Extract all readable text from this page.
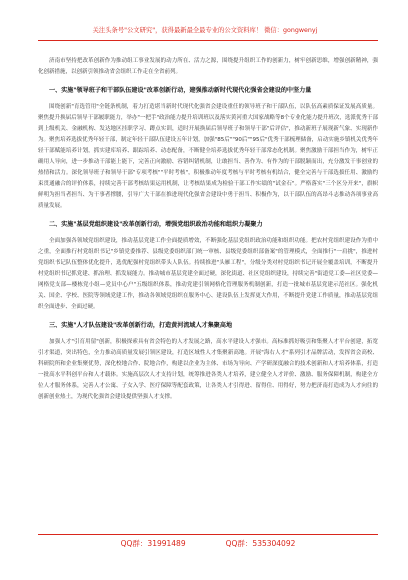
关注头条号"公文研究"，获得最新最全最专业的公文资料库！ 微信：gongwenyj

济南市坚持把改革创新作为推动组工事业发展的动力所在、活力之源，围绕提升组织工作的创新力，树牢创新思维，增强创新精神，强化创新措施，以创新引领推动省会组织工作走在全省前列。

一、实施"领导班子和干部队伍建设"改革创新行动，建强推动新时代现代化强省会建设的中坚力量

围绕创新"育选管用"全链条机制，着力打造堪当新时代现代化强省会建设重任的领导班子和干部队伍，以队伍高素质保证发展高质量。聚焦提升换届后领导干部履职能力，举办"一把手"政治能力提升培训班以及落实黄河重大国家战略等8个专业化能力提升班次，选派优秀干部到上级机关、金融机构、发达地区挂职学习、蹲点实训，适时开展换届后领导班子和领导干部"后评估"，推动新班子展现新气象、实现新作为。聚焦培养选拔优秀年轻干部，制定年轻干部队伍建设五年计划，加强"85后""90后""95后"优秀干部梳理储备，启动实施乡镇机关优秀年轻干部赋能培养计划，抓实建库培养、跟踪培养、动态配备，不断健全培养选拔优秀年轻干部常态化机制。聚焦激励干部担当作为，树牢正确用人导向，进一步推动干部能上能下，完善正向激励、容错纠错机制，让敢担当、善作为、有作为的干部脱颖而出，充分激发干事创业的热情和活力。深化领导班子和领导干部"专项考核""平时考核"，积极推动年度考核与平时考核有机结合，健全完善与干部选拔任用、激励约束贯通融合的评价体系，持续完善干部考核结果运用机制，让考核结果成为检验干部工作实绩的"试金石"。严格落实"三个区分开来"，旗帜鲜明为担当者担当、为干事者撑腰，引导广大干部在推进现代化强省会建设中勇于担当、积极作为，以干部队伍的高昂斗志推动各项事业高质量发展。

二、实施"基层党组织建设"改革创新行动，增强党组织政治功能和组织力凝聚力

全面加强各领域党组织建设，推动基层党建工作全面提质增效，不断强化基层党组织政治功能和组织功能。把农村党组织建设作为重中之重，全面推行村党组织书记"乡镇党委推荐、县级党委组织部门统一审核、县级党委组织部备案"的管理模式，全面推行"一肩挑"，推进村党组织书记队伍整体优化提升，选优配强村党组织带头人队伍。持续推进"头雁工程"，分级分类对村党组织书记开展全覆盖培训，不断提升村党组织书记抓党建、抓治理、抓发展能力。推动城市基层党建全面过硬，深化街道、社区党组织建设，持续完善"街道党工委—社区党委—网格党支部—楼栋党小组—党员中心户"五级组织体系，推动党建引领网格化管理服务机制创新，打造一批城市基层党建示范社区。强化机关、国企、学校、医院等领域党建工作，推动各领域党组织在服务中心、建设队伍上发挥更大作用，不断提升党建工作质量，推动基层党组织全面进步、全面过硬。

三、实施"人才队伍建设"改革创新行动，打造黄河流域人才集聚高地

加强人才"引育用留"创新，积极探索具有省会特色的人才发展之路，高水平建设人才强市。高标准抓好吸引和集聚人才平台创建，拓宽引才渠道，突出特色，全力推动高质量发展引领区建设，打造区域性人才集聚新高地。开展"海右人才"系列引才品牌活动，发挥省会高校、科研院所和企业集聚优势，深化校地合作、院地合作，构建以企业为主体、市场为导向、产学研深度融合的技术创新和人才培养体系，打造一批高水平科创平台和人才载体。实施高层次人才支持计划，统筹推进各类人才培养，建立健全人才评价、激励、服务保障机制，构建全方位人才服务体系，完善人才公寓、子女入学、医疗保障等配套政策，让各类人才引得进、留得住、用得好，努力把济南打造成为人才向往的创新创业热土，为现代化强省会建设提供坚强人才支撑。

QQ群：31991489	QQ群：535304092
